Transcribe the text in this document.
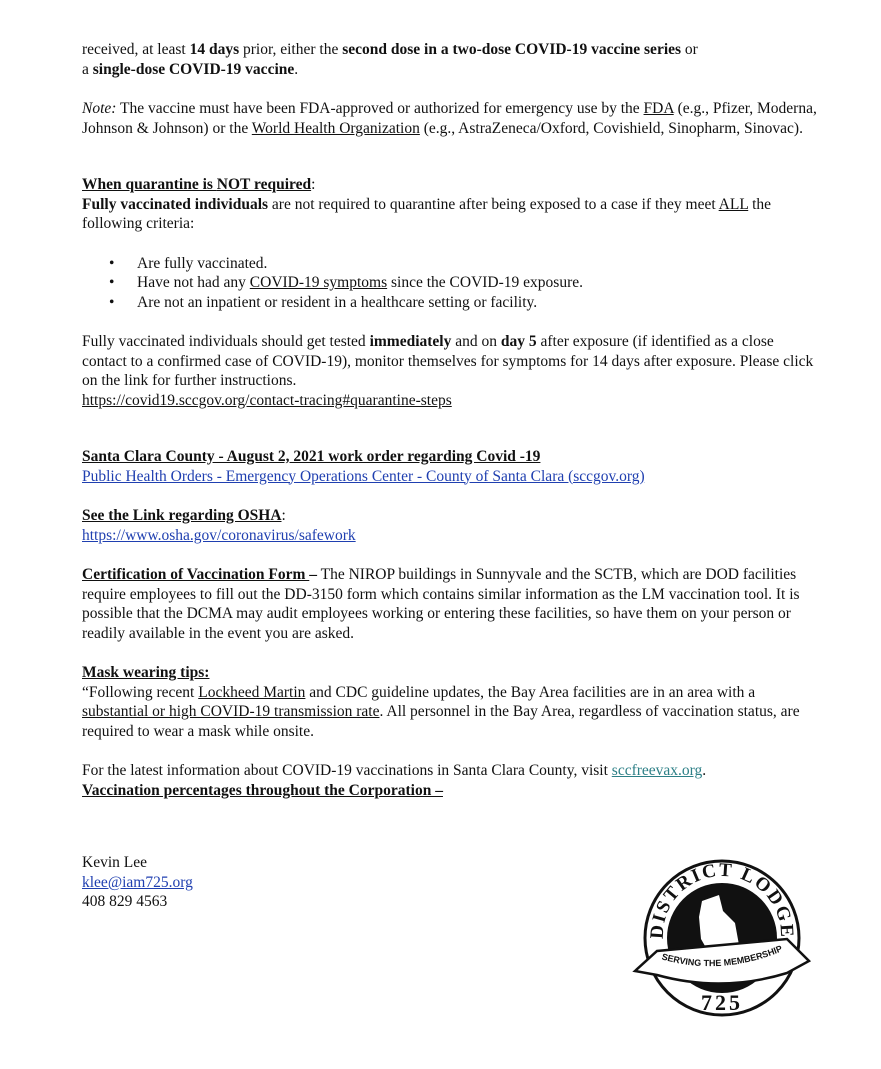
received, at least 14 days prior, either the second dose in a two-dose COVID-19 vaccine series or
a single-dose COVID-19 vaccine.

Note: The vaccine must have been FDA-approved or authorized for emergency use by the FDA (e.g., Pfizer, Moderna, Johnson & Johnson) or the World Health Organization (e.g., AstraZeneca/Oxford, Covishield, Sinopharm, Sinovac).

When quarantine is NOT required:

Fully vaccinated individuals are not required to quarantine after being exposed to a case if they meet ALL the following criteria:

• Are fully vaccinated.
• Have not had any COVID-19 symptoms since the COVID-19 exposure.
• Are not an inpatient or resident in a healthcare setting or facility.

Fully vaccinated individuals should get tested immediately and on day 5 after exposure (if identified as a close contact to a confirmed case of COVID-19), monitor themselves for symptoms for 14 days after exposure. Please click on the link for further instructions.
https://covid19.sccgov.org/contact-tracing#quarantine-steps

Santa Clara County - August 2, 2021 work order regarding Covid -19

Public Health Orders - Emergency Operations Center - County of Santa Clara (sccgov.org)

See the Link regarding OSHA:

https://www.osha.gov/coronavirus/safework

Certification of Vaccination Form – The NIROP buildings in Sunnyvale and the SCTB, which are DOD facilities require employees to fill out the DD-3150 form which contains similar information as the LM vaccination tool. It is possible that the DCMA may audit employees working or entering these facilities, so have them on your person or readily available in the event you are asked.

Mask wearing tips:

“Following recent Lockheed Martin and CDC guideline updates, the Bay Area facilities are in an area with a substantial or high COVID-19 transmission rate. All personnel in the Bay Area, regardless of vaccination status, are required to wear a mask while onsite.

For the latest information about COVID-19 vaccinations in Santa Clara County, visit sccfreevax.org.

Vaccination percentages throughout the Corporation –

Kevin Lee

klee@iam725.org

408 829 4563

DISTRICT LODGE
SERVING THE MEMBERSHIP
725
